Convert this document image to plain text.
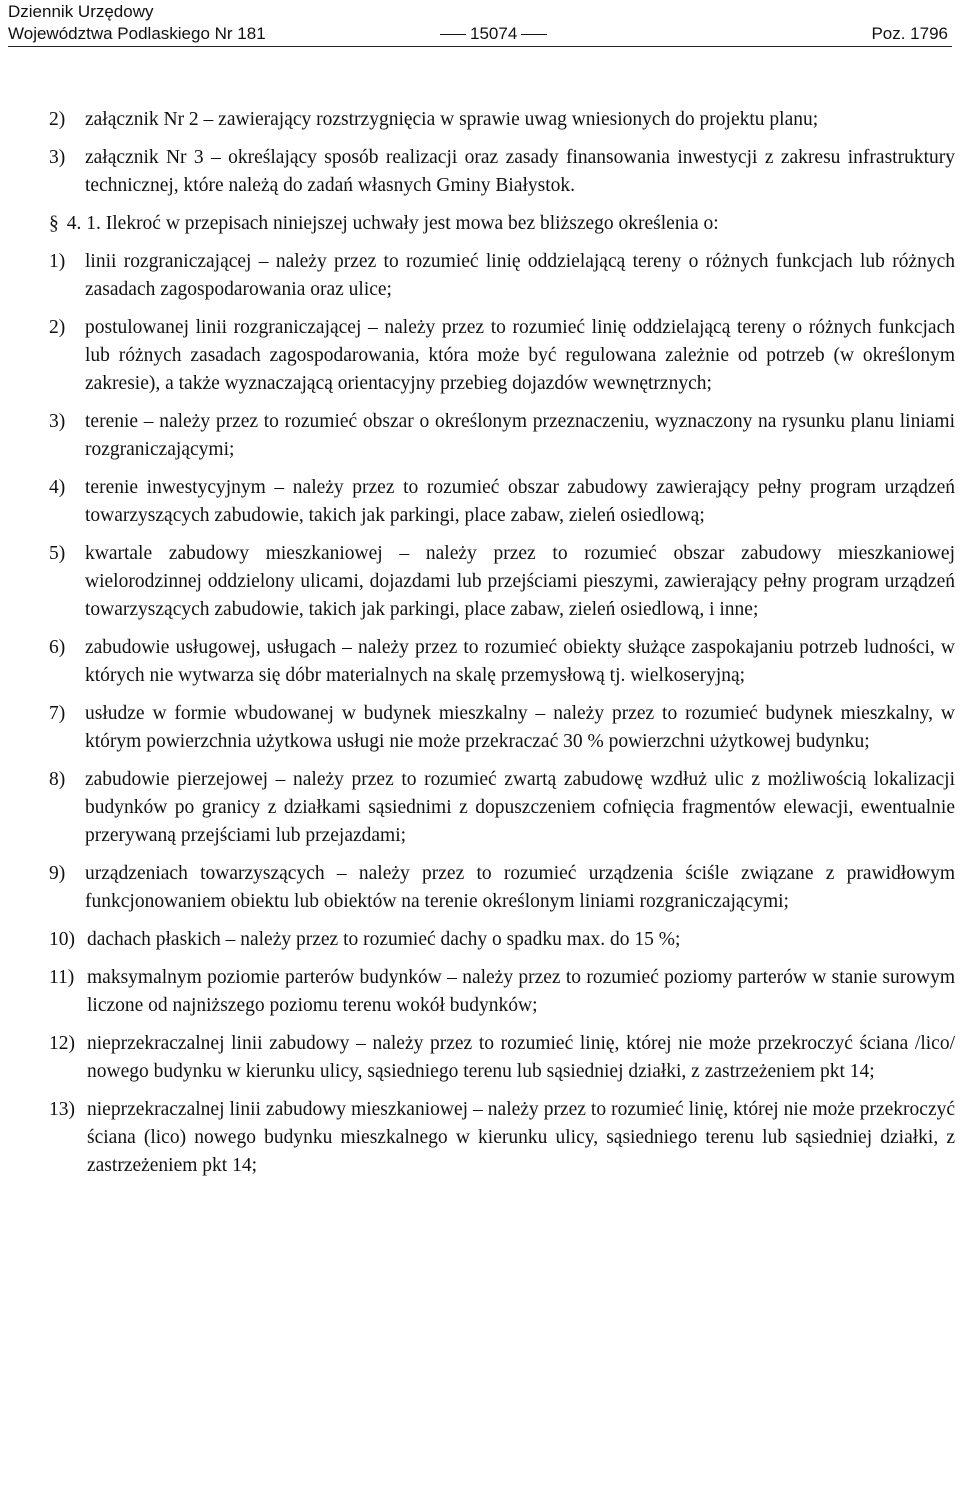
Dziennik Urzędowy
Województwa Podlaskiego Nr 181	15074	Poz. 1796
2) załącznik Nr 2 – zawierający rozstrzygnięcia w sprawie uwag wniesionych do projektu planu;
3) załącznik Nr 3 – określający sposób realizacji oraz zasady finansowania inwestycji z zakresu infrastruktury technicznej, które należą do zadań własnych Gminy Białystok.
§ 4. 1. Ilekroć w przepisach niniejszej uchwały jest mowa bez bliższego określenia o:
1) linii rozgraniczającej – należy przez to rozumieć linię oddzielającą tereny o różnych funkcjach lub różnych zasadach zagospodarowania oraz ulice;
2) postulowanej linii rozgraniczającej – należy przez to rozumieć linię oddzielającą tereny o różnych funkcjach lub różnych zasadach zagospodarowania, która może być regulowana zależnie od potrzeb (w określonym zakresie), a także wyznaczającą orientacyjny przebieg dojazdów wewnętrznych;
3) terenie – należy przez to rozumieć obszar o określonym przeznaczeniu, wyznaczony na rysunku planu liniami rozgraniczającymi;
4) terenie inwestycyjnym – należy przez to rozumieć obszar zabudowy zawierający pełny program urządzeń towarzyszących zabudowie, takich jak parkingi, place zabaw, zieleń osiedlową;
5) kwartale zabudowy mieszkaniowej – należy przez to rozumieć obszar zabudowy mieszkaniowej wielorodzinnej oddzielony ulicami, dojazdami lub przejściami pieszymi, zawierający pełny program urządzeń towarzyszących zabudowie, takich jak parkingi, place zabaw, zieleń osiedlową, i inne;
6) zabudowie usługowej, usługach – należy przez to rozumieć obiekty służące zaspokajaniu potrzeb ludności, w których nie wytwarza się dóbr materialnych na skalę przemysłową tj. wielkoseryjną;
7) usłudze w formie wbudowanej w budynek mieszkalny – należy przez to rozumieć budynek mieszkalny, w którym powierzchnia użytkowa usługi nie może przekraczać 30 % powierzchni użytkowej budynku;
8) zabudowie pierzejowej – należy przez to rozumieć zwartą zabudowę wzdłuż ulic z możliwością lokalizacji budynków po granicy z działkami sąsiednimi z dopuszczeniem cofnięcia fragmentów elewacji, ewentualnie przerywaną przejściami lub przejazdami;
9) urządzeniach towarzyszących – należy przez to rozumieć urządzenia ściśle związane z prawidłowym funkcjonowaniem obiektu lub obiektów na terenie określonym liniami rozgraniczającymi;
10) dachach płaskich – należy przez to rozumieć dachy o spadku max. do 15 %;
11) maksymalnym poziomie parterów budynków – należy przez to rozumieć poziomy parterów w stanie surowym liczone od najniższego poziomu terenu wokół budynków;
12) nieprzekraczalnej linii zabudowy – należy przez to rozumieć linię, której nie może przekroczyć ściana /lico/ nowego budynku w kierunku ulicy, sąsiedniego terenu lub sąsiedniej działki, z zastrzeżeniem pkt 14;
13) nieprzekraczalnej linii zabudowy mieszkaniowej – należy przez to rozumieć linię, której nie może przekroczyć ściana (lico) nowego budynku mieszkalnego w kierunku ulicy, sąsiedniego terenu lub sąsiedniej działki, z zastrzeżeniem pkt 14;
